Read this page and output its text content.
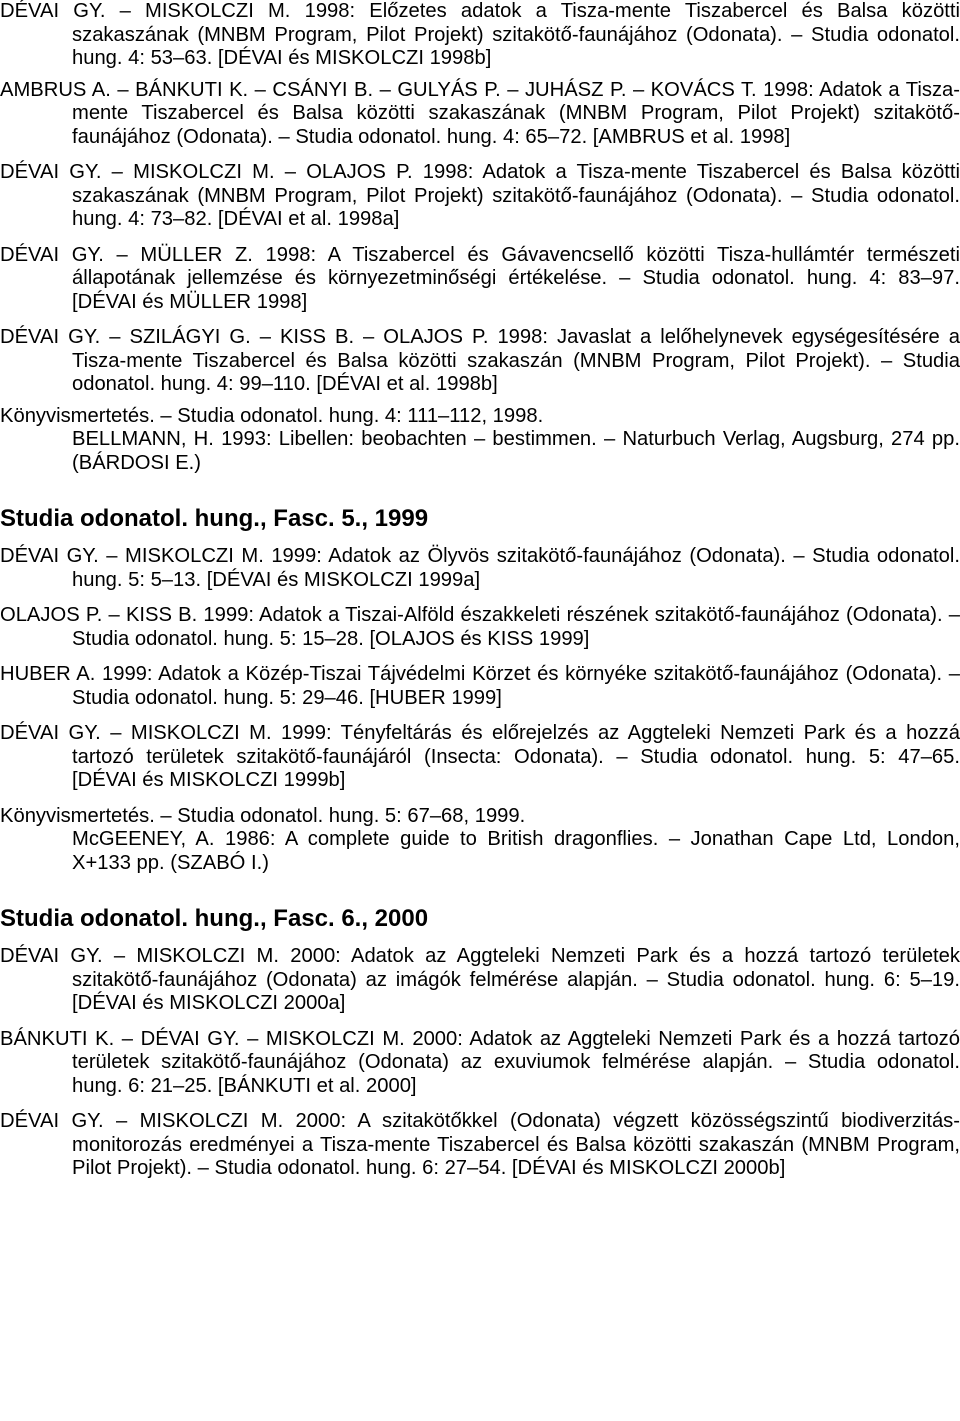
DÉVAI GY. – MISKOLCZI M. 1998: Előzetes adatok a Tisza-mente Tiszabercel és Balsa közötti szakaszának (MNBM Program, Pilot Projekt) szitakötő-faunájához (Odonata). – Studia odonatol. hung. 4: 53–63. [DÉVAI és MISKOLCZI 1998b]

AMBRUS A. – BÁNKUTI K. – CSÁNYI B. – GULYÁS P. – JUHÁSZ P. – KOVÁCS T. 1998: Adatok a Tisza-mente Tiszabercel és Balsa közötti szakaszának (MNBM Program, Pilot Projekt) szitakötő-faunájához (Odonata). – Studia odonatol. hung. 4: 65–72. [AMBRUS et al. 1998]

DÉVAI GY. – MISKOLCZI M. – OLAJOS P. 1998: Adatok a Tisza-mente Tiszabercel és Balsa közötti szakaszának (MNBM Program, Pilot Projekt) szitakötő-faunájához (Odonata). – Studia odonatol. hung. 4: 73–82. [DÉVAI et al. 1998a]

DÉVAI GY. – MÜLLER Z. 1998: A Tiszabercel és Gávavencsellő közötti Tisza-hullámtér természeti állapotának jellemzése és környezetminőségi értékelése. – Studia odonatol. hung. 4: 83–97. [DÉVAI és MÜLLER 1998]

DÉVAI GY. – SZILÁGYI G. – KISS B. – OLAJOS P. 1998: Javaslat a lelőhelynevek egységesítésére a Tisza-mente Tiszabercel és Balsa közötti szakaszán (MNBM Program, Pilot Projekt). – Studia odonatol. hung. 4: 99–110. [DÉVAI et al. 1998b]

Könyvismertetés. – Studia odonatol. hung. 4: 111–112, 1998.

BELLMANN, H. 1993: Libellen: beobachten – bestimmen. – Naturbuch Verlag, Augsburg, 274 pp. (BÁRDOSI E.)

Studia odonatol. hung., Fasc. 5., 1999

DÉVAI GY. – MISKOLCZI M. 1999: Adatok az Ölyvös szitakötő-faunájához (Odonata). – Studia odonatol. hung. 5: 5–13. [DÉVAI és MISKOLCZI 1999a]

OLAJOS P. – KISS B. 1999: Adatok a Tiszai-Alföld északkeleti részének szitakötő-faunájához (Odonata). – Studia odonatol. hung. 5: 15–28. [OLAJOS és KISS 1999]

HUBER A. 1999: Adatok a Közép-Tiszai Tájvédelmi Körzet és környéke szitakötő-faunájához (Odonata). – Studia odonatol. hung. 5: 29–46. [HUBER 1999]

DÉVAI GY. – MISKOLCZI M. 1999: Tényfeltárás és előrejelzés az Aggteleki Nemzeti Park és a hozzá tartozó területek szitakötő-faunájáról (Insecta: Odonata). – Studia odonatol. hung. 5: 47–65. [DÉVAI és MISKOLCZI 1999b]

Könyvismertetés. – Studia odonatol. hung. 5: 67–68, 1999.

McGEENEY, A. 1986: A complete guide to British dragonflies. – Jonathan Cape Ltd, London, X+133 pp. (SZABÓ I.)

Studia odonatol. hung., Fasc. 6., 2000

DÉVAI GY. – MISKOLCZI M. 2000: Adatok az Aggteleki Nemzeti Park és a hozzá tartozó területek szitakötő-faunájához (Odonata) az imágók felmérése alapján. – Studia odonatol. hung. 6: 5–19. [DÉVAI és MISKOLCZI 2000a]

BÁNKUTI K. – DÉVAI GY. – MISKOLCZI M. 2000: Adatok az Aggteleki Nemzeti Park és a hozzá tartozó területek szitakötő-faunájához (Odonata) az exuviumok felmérése alapján. – Studia odonatol. hung. 6: 21–25. [BÁNKUTI et al. 2000]

DÉVAI GY. – MISKOLCZI M. 2000: A szitakötőkkel (Odonata) végzett közösségszintű biodiverzitás-monitorozás eredményei a Tisza-mente Tiszabercel és Balsa közötti szakaszán (MNBM Program, Pilot Projekt). – Studia odonatol. hung. 6: 27–54. [DÉVAI és MISKOLCZI 2000b]
